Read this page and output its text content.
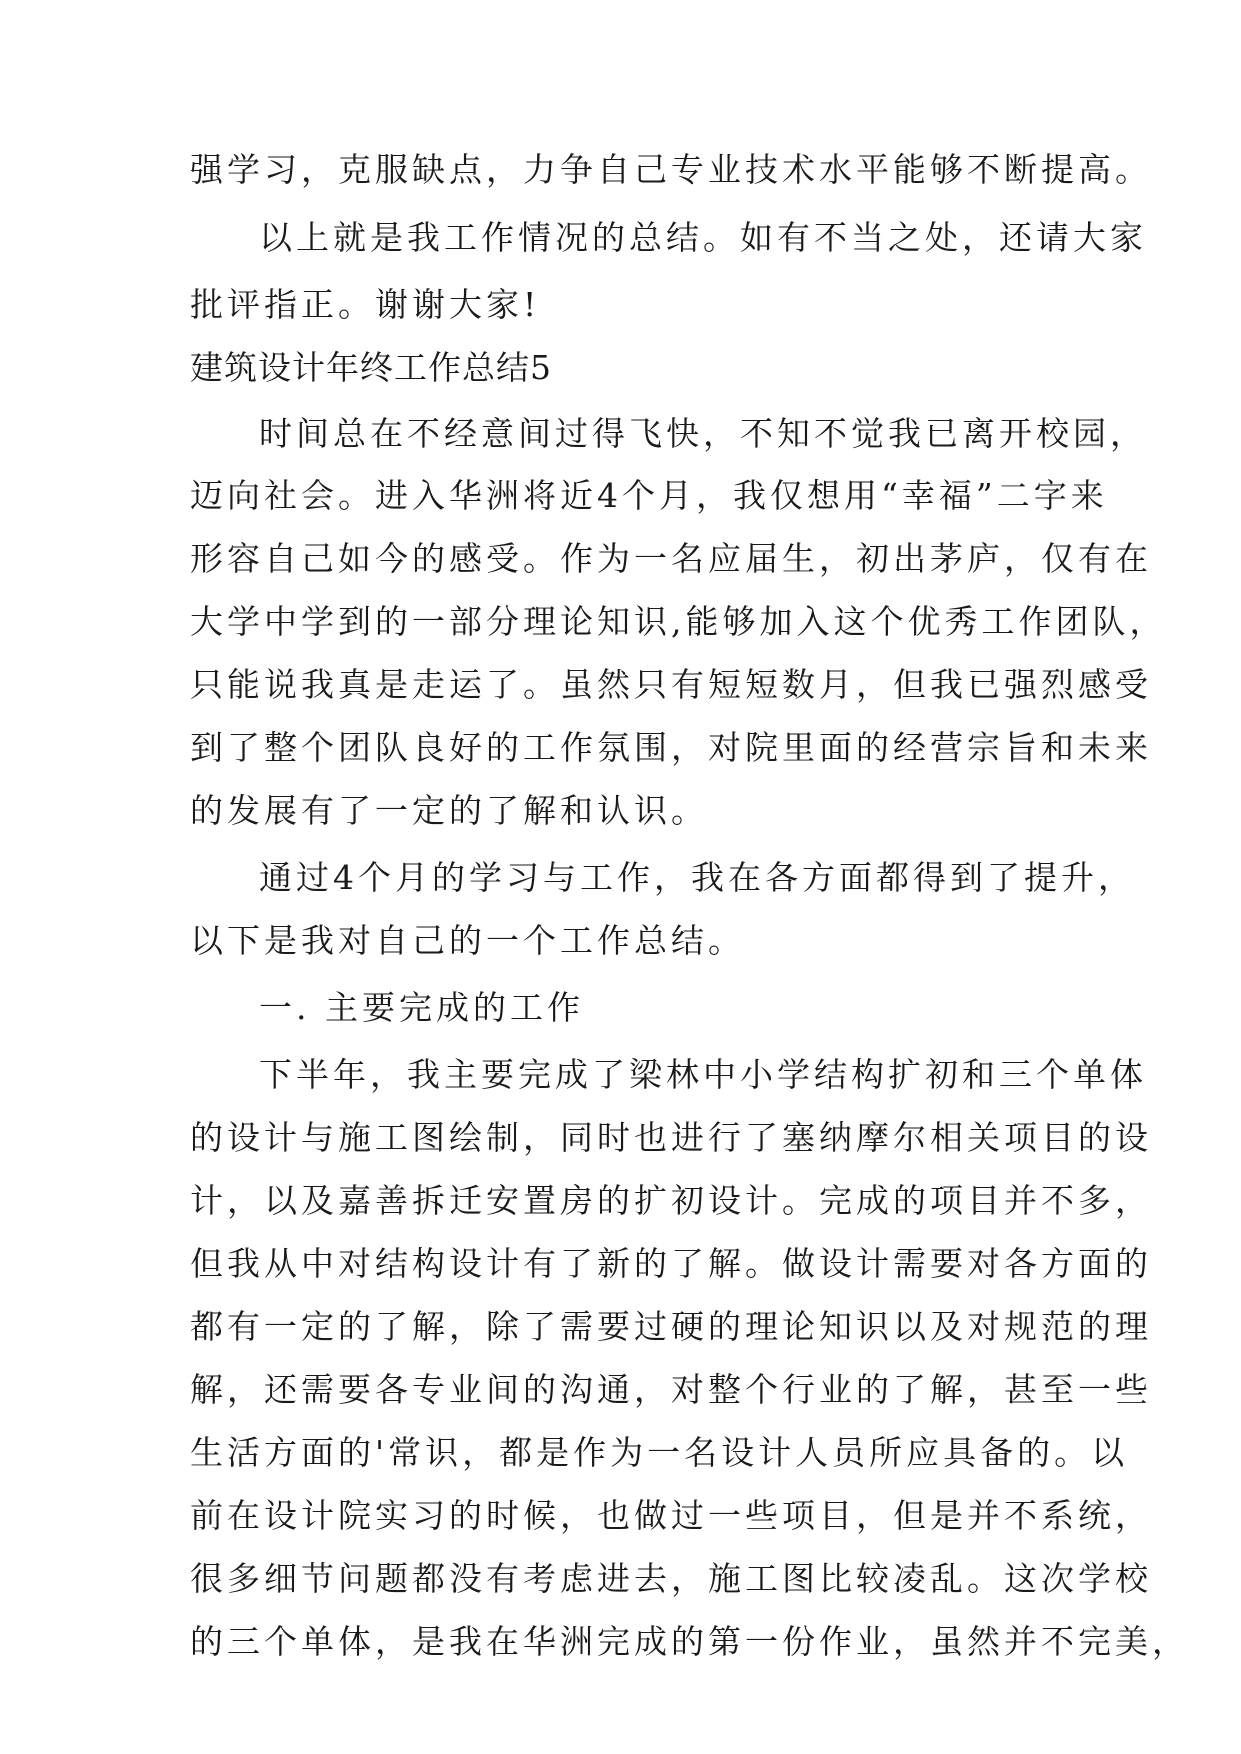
强学习，克服缺点，力争自己专业技术水平能够不断提高。
以上就是我工作情况的总结。如有不当之处，还请大家
批评指正。谢谢大家!
建筑设计年终工作总结5
时间总在不经意间过得飞快，不知不觉我已离开校园，
迈向社会。进入华洲将近4个月，我仅想用“幸福”二字来
形容自己如今的感受。作为一名应届生，初出茅庐，仅有在
大学中学到的一部分理论知识,能够加入这个优秀工作团队，
只能说我真是走运了。虽然只有短短数月，但我已强烈感受
到了整个团队良好的工作氛围，对院里面的经营宗旨和未来
的发展有了一定的了解和认识。
通过4个月的学习与工作，我在各方面都得到了提升，
以下是我对自己的一个工作总结。
一. 主要完成的工作
下半年，我主要完成了梁林中小学结构扩初和三个单体
的设计与施工图绘制，同时也进行了塞纳摩尔相关项目的设
计，以及嘉善拆迁安置房的扩初设计。完成的项目并不多，
但我从中对结构设计有了新的了解。做设计需要对各方面的
都有一定的了解，除了需要过硬的理论知识以及对规范的理
解，还需要各专业间的沟通，对整个行业的了解，甚至一些
生活方面的'常识，都是作为一名设计人员所应具备的。以
前在设计院实习的时候，也做过一些项目，但是并不系统，
很多细节问题都没有考虑进去，施工图比较凌乱。这次学校
的三个单体，是我在华洲完成的第一份作业，虽然并不完美，
